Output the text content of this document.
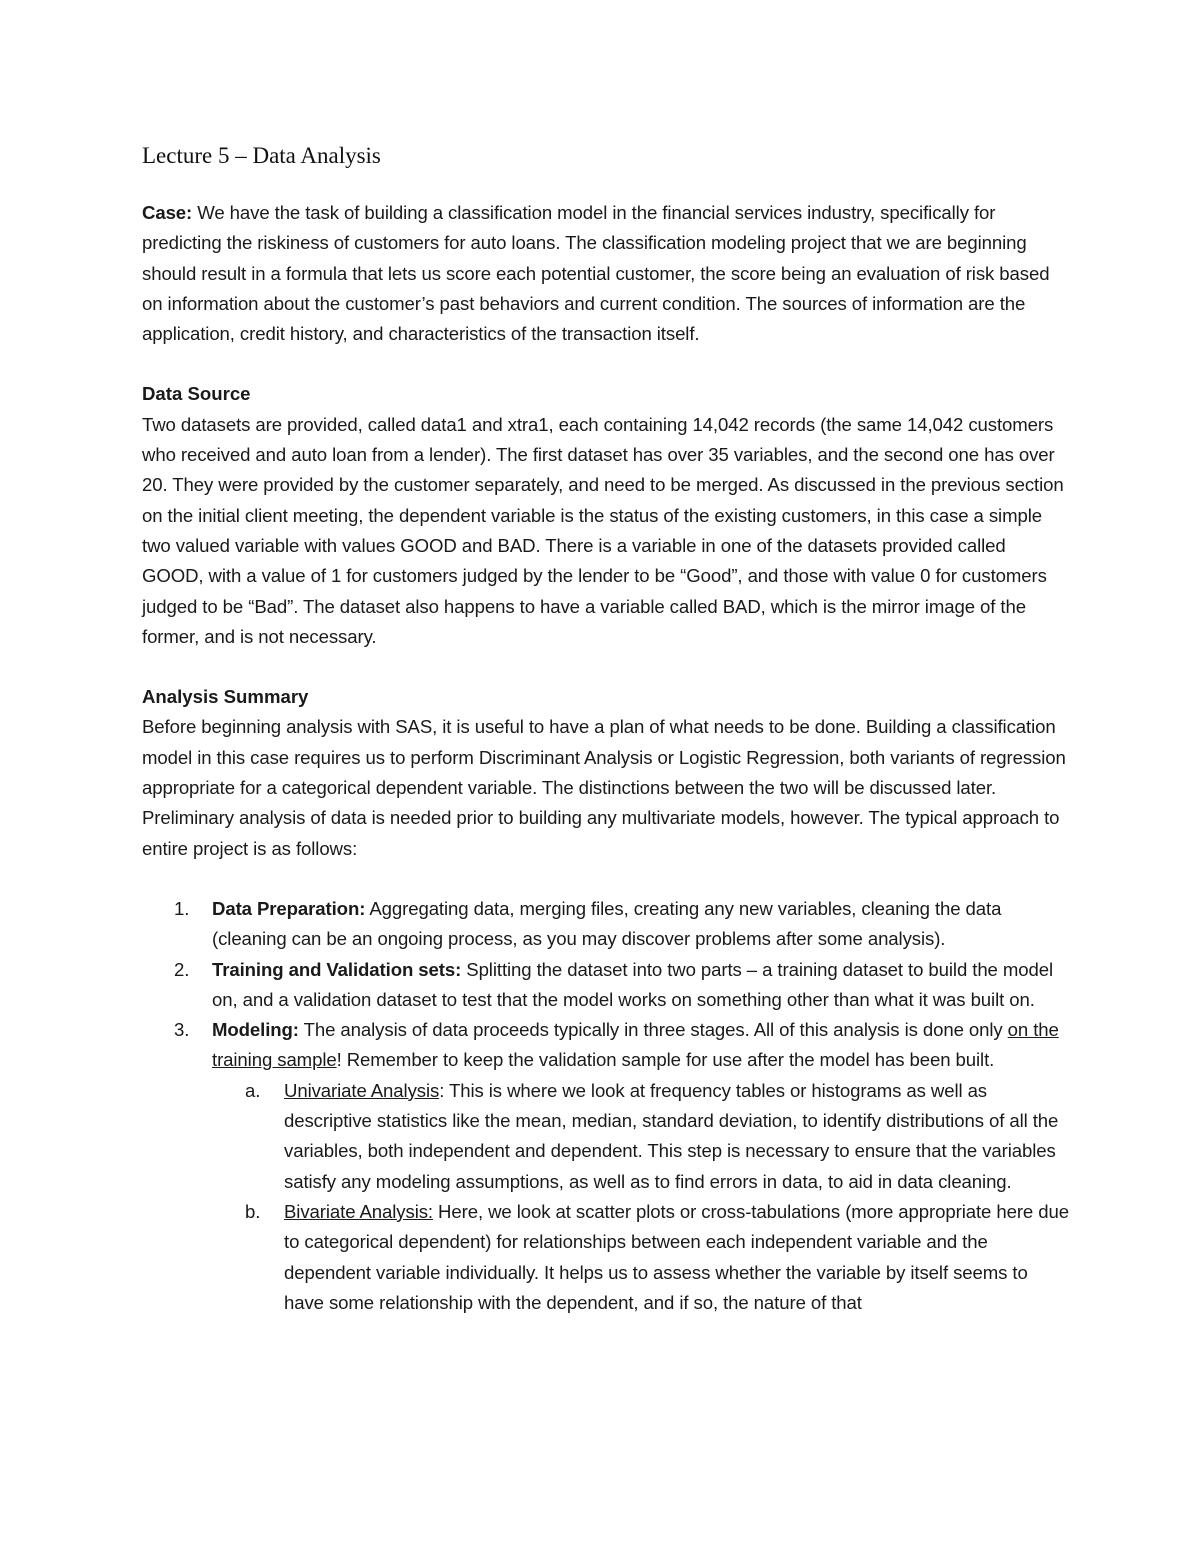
Lecture 5 – Data Analysis

Case: We have the task of building a classification model in the financial services industry, specifically for predicting the riskiness of customers for auto loans. The classification modeling project that we are beginning should result in a formula that lets us score each potential customer, the score being an evaluation of risk based on information about the customer’s past behaviors and current condition. The sources of information are the application, credit history, and characteristics of the transaction itself.

Data Source

Two datasets are provided, called data1 and xtra1, each containing 14,042 records (the same 14,042 customers who received and auto loan from a lender). The first dataset has over 35 variables, and the second one has over 20. They were provided by the customer separately, and need to be merged. As discussed in the previous section on the initial client meeting, the dependent variable is the status of the existing customers, in this case a simple two valued variable with values GOOD and BAD. There is a variable in one of the datasets provided called GOOD, with a value of 1 for customers judged by the lender to be “Good”, and those with value 0 for customers judged to be “Bad”. The dataset also happens to have a variable called BAD, which is the mirror image of the former, and is not necessary.

Analysis Summary

Before beginning analysis with SAS, it is useful to have a plan of what needs to be done. Building a classification model in this case requires us to perform Discriminant Analysis or Logistic Regression, both variants of regression appropriate for a categorical dependent variable. The distinctions between the two will be discussed later. Preliminary analysis of data is needed prior to building any multivariate models, however. The typical approach to entire project is as follows:

1. Data Preparation: Aggregating data, merging files, creating any new variables, cleaning the data (cleaning can be an ongoing process, as you may discover problems after some analysis).
2. Training and Validation sets: Splitting the dataset into two parts – a training dataset to build the model on, and a validation dataset to test that the model works on something other than what it was built on.
3. Modeling: The analysis of data proceeds typically in three stages. All of this analysis is done only on the training sample! Remember to keep the validation sample for use after the model has been built.
a. Univariate Analysis: This is where we look at frequency tables or histograms as well as descriptive statistics like the mean, median, standard deviation, to identify distributions of all the variables, both independent and dependent. This step is necessary to ensure that the variables satisfy any modeling assumptions, as well as to find errors in data, to aid in data cleaning.
b. Bivariate Analysis: Here, we look at scatter plots or cross-tabulations (more appropriate here due to categorical dependent) for relationships between each independent variable and the dependent variable individually. It helps us to assess whether the variable by itself seems to have some relationship with the dependent, and if so, the nature of that
